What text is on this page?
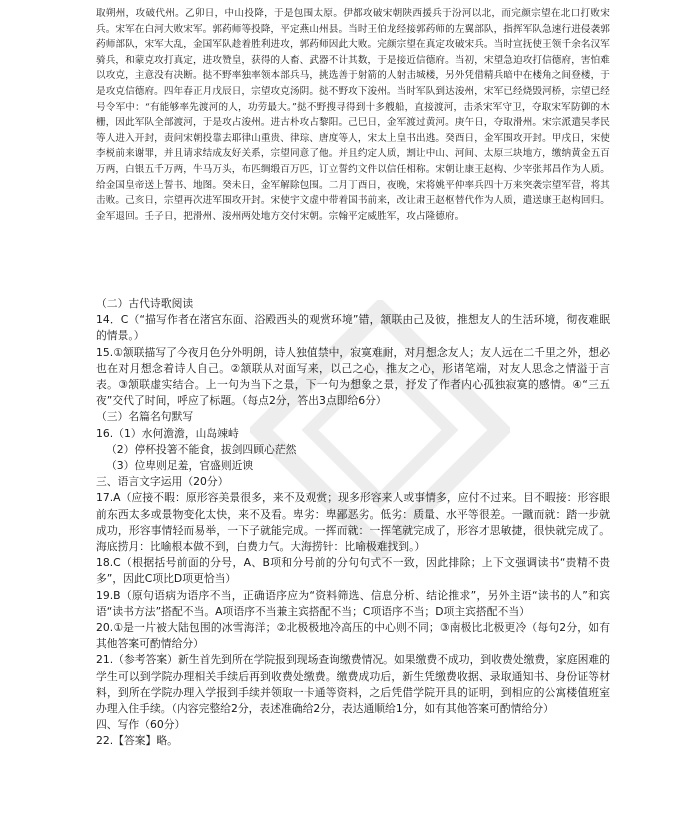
取朔州，攻破代州。乙卯日，中山投降，于是包围太原。伊都攻破宋朝陕西援兵于汾河以北，而完颜宗望在北口打败宋兵。宋军在白河大败宋军。郭药师等投降，平定燕山州县。当时王伯龙经接郭药师的左翼部队，指挥军队急速行进侵袭郭药师部队，宋军大乱，金国军队趁着胜利进攻，郭药师因此大败。完颜宗望在真定攻破宋兵。当时宣抚使王领千余名汉军骑兵，和蒙克攻打真定，进攻赞皇，获得的人畜、武器不计其数，于是接近信德府。当初，宋望急迫攻打信德府，害怕难以攻克，主意没有决断。挞不野率独率领本部兵马，挑选善于射箭的人射击城楼，另外凭借精兵暗中在楼角之间登楼，于是攻克信德府。四年春正月戊辰日，宗望攻克汤阴。挞不野攻下浚州。当时军队到达浚州，宋军已经烧毁河桥，宗望已经号令军中：“有能够率先渡河的人，功劳最大。”挞不野搜寻得到十多艘船，直接渡河，击杀宋军守卫，夺取宋军防御的木栅，因此军队全部渡河，于是攻占浚州。进古朴攻占黎阳。己巳日，金军渡过黄河。庚午日，夺取滑州。宋宗派遣吴孝民等人进入开封，责问宋朝投靠去耶律山重贵、律琮、唐度等人，宋太上皇书出逃。癸酉日，金军围攻开封。甲戌日，宋使李棁前来谢罪，并且请求结成友好关系，宗望同意了他。并且约定人质，割让中山、河间、太原三块地方，缴纳黄金五百万两，白银五千万两，牛马万头，布匹绸缎百万匹，订立誓约文件以信任相称。宋朝让康王赵构、少宰张邦昌作为人质。给金国皇帝送上誓书、地图。癸未日，金军解除包围。二月丁酉日，夜晚，宋将姚平仲率兵四十万来突袭宗望军营，将其击败。己亥日，宗望再次进军围攻开封。宋使宇文虚中带着国书前来，改让肃王赵枢替代作为人质，遣送康王赵构回归。金军退回。壬子日，把滑州、浚州两处地方交付宋朝。宗翰平定威胜军，攻占隆德府。

（二）古代诗歌阅读

14．C（“描写作者在渚宫东面、浴殿西头的观赏环境”错，颔联由己及彼，推想友人的生活环境，彻夜难眠的情景。）

15.①颔联描写了今夜月色分外明朗，诗人独值禁中，寂寞难耐，对月想念友人；友人远在二千里之外，想必也在对月想念着诗人自己。②颔联从对面写来，以己之心，推友之心，形诸笔端，对友人思念之情溢于言表。③颔联虚实结合。上一句为当下之景，下一句为想象之景，抒发了作者内心孤独寂寞的感情。④“三五夜”交代了时间，呼应了标题。（每点2分，答出3点即给6分）

（三）名篇名句默写

16.（1）水何澹澹，山岛竦峙

（2）停杯投箸不能食，拔剑四顾心茫然

（3）位卑则足羞，官盛则近谀

三、语言文字运用（20分）

17.A（应接不暇：原形容美景很多，来不及观赏；现多形容来人或事情多，应付不过来。目不暇接：形容眼前东西太多或景物变化太快，来不及看。卑劣：卑鄙恶劣。低劣：质量、水平等很差。一蹴而就：踏一步就成功，形容事情轻而易举，一下子就能完成。一挥而就：一挥笔就完成了，形容才思敏捷，很快就完成了。海底捞月：比喻根本做不到，白费力气。大海捞针：比喻极难找到。）

18.C（根据括号前面的分号，A、B项和分号前的分句句式不一致，因此排除；上下文强调读书“贵精不贵多”，因此C项比D项更恰当）

19.B（原句语病为语序不当，正确语序应为“资料筛选、信息分析、结论推求”，另外主语“读书的人”和宾语“读书方法”搭配不当。A项语序不当兼主宾搭配不当；C项语序不当；D项主宾搭配不当）

20.①是一片被大陆包围的冰雪海洋；②北极极地冷高压的中心则不同；③南极比北极更冷（每句2分，如有其他答案可酌情给分）

21.（参考答案）新生首先到所在学院报到现场查询缴费情况。如果缴费不成功，到收费处缴费，家庭困难的学生可以到学院办理相关手续后再到收费处缴费。缴费成功后，新生凭缴费收据、录取通知书、身份证等材料，到所在学院办理入学报到手续并领取一卡通等资料，之后凭借学院开具的证明，到相应的公寓楼值班室办理入住手续。（内容完整给2分，表述准确给2分，表达通顺给1分，如有其他答案可酌情给分）

四、写作（60分）

22.【答案】略。
